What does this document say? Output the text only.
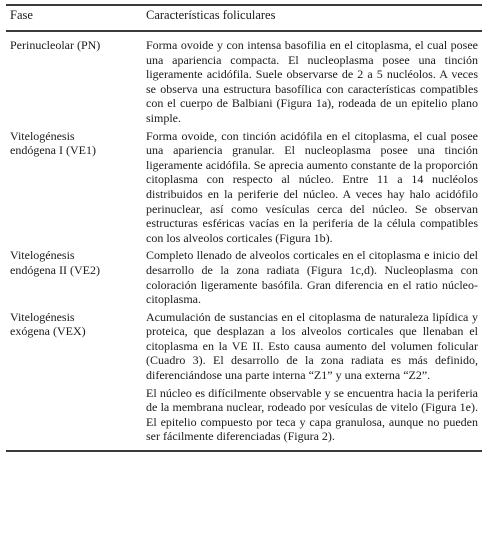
Fase	Características foliculares

Perinucleolar (PN)	Forma ovoide y con intensa basofilia en el citoplasma, el cual posee una apariencia compacta. El nucleoplasma posee una tinción ligeramente acidófila. Suele observarse de 2 a 5 nucléolos. A veces se observa una estructura basofílica con características compatibles con el cuerpo de Balbiani (Figura 1a), rodeada de un epitelio plano simple.

Vitelogénesis
endógena I (VE1)	Forma ovoide, con tinción acidófila en el citoplasma, el cual posee una apariencia granular. El nucleoplasma posee una tinción ligeramente acidófila. Se aprecia aumento constante de la proporción citoplasma con respecto al núcleo. Entre 11 a 14 nucléolos distribuidos en la periferie del núcleo. A veces hay halo acidófilo perinuclear, así como vesículas cerca del núcleo. Se observan estructuras esféricas vacías en la periferia de la célula compatibles con los alveolos corticales (Figura 1b).

Vitelogénesis
endógena II (VE2)	Completo llenado de alveolos corticales en el citoplasma e inicio del desarrollo de la zona radiata (Figura 1c,d). Nucleoplasma con coloración ligeramente basófila. Gran diferencia en el ratio núcleo- citoplasma.

Vitelogénesis
exógena (VEX)	Acumulación de sustancias en el citoplasma de naturaleza lipídica y proteica, que desplazan a los alveolos corticales que llenaban el citoplasma en la VE II. Esto causa aumento del volumen folicular (Cuadro 3). El desarrollo de la zona radiata es más definido, diferenciándose una parte interna “Z1” y una externa “Z2”.
El núcleo es difícilmente observable y se encuentra hacia la periferia de la membrana nuclear, rodeado por vesículas de vitelo (Figura 1e). El epitelio compuesto por teca y capa granulosa, aunque no pueden ser fácilmente diferenciadas (Figura 2).
